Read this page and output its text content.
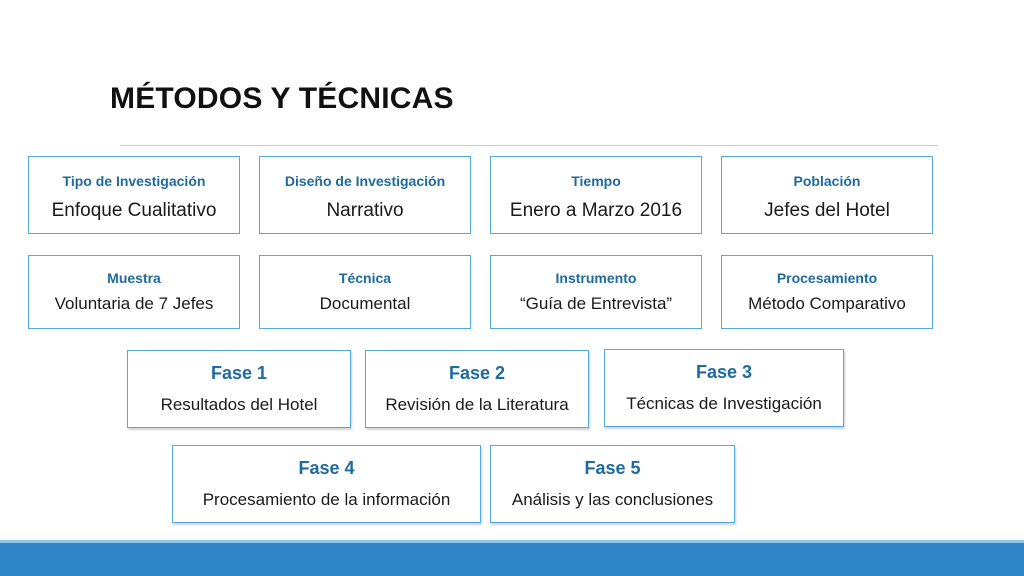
MÉTODOS Y TÉCNICAS
Tipo de Investigación
Enfoque Cualitativo
Diseño de Investigación
Narrativo
Tiempo
Enero a Marzo 2016
Población
Jefes del Hotel
Muestra
Voluntaria de 7 Jefes
Técnica
Documental
Instrumento
“Guía de Entrevista”
Procesamiento
Método Comparativo
Fase 1
Resultados del Hotel
Fase 2
Revisión de la Literatura
Fase 3
Técnicas de Investigación
Fase 4
Procesamiento de la información
Fase 5
Análisis y las conclusiones
